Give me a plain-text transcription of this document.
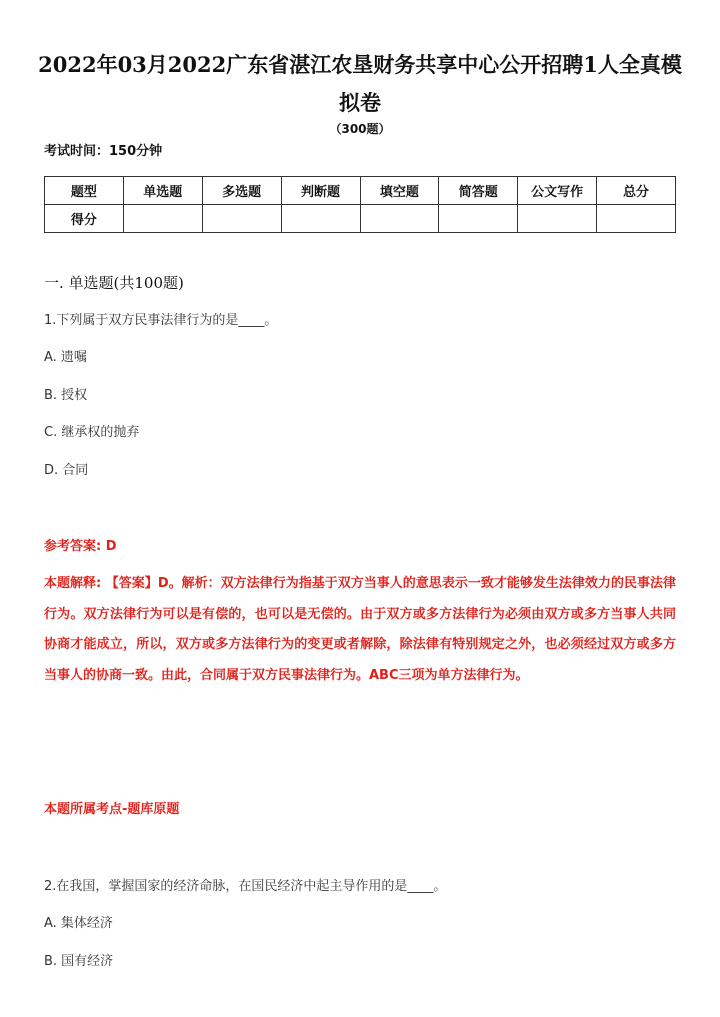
2022年03月2022广东省湛江农垦财务共享中心公开招聘1人全真模拟卷
（300题）
考试时间：150分钟
题型	单选题	多选题	判断题	填空题	简答题	公文写作	总分
得分							
一. 单选题(共100题)
1.下列属于双方民事法律行为的是____。
A. 遗嘱
B. 授权
C. 继承权的抛弃
D. 合同
参考答案: D
本题解释: 【答案】D。解析：双方法律行为指基于双方当事人的意思表示一致才能够发生法律效力的民事法律行为。双方法律行为可以是有偿的，也可以是无偿的。由于双方或多方法律行为必须由双方或多方当事人共同协商才能成立，所以，双方或多方法律行为的变更或者解除，除法律有特别规定之外，也必须经过双方或多方当事人的协商一致。由此，合同属于双方民事法律行为。ABC三项为单方法律行为。
本题所属考点-题库原题
2.在我国，掌握国家的经济命脉，在国民经济中起主导作用的是____。
A. 集体经济
B. 国有经济
